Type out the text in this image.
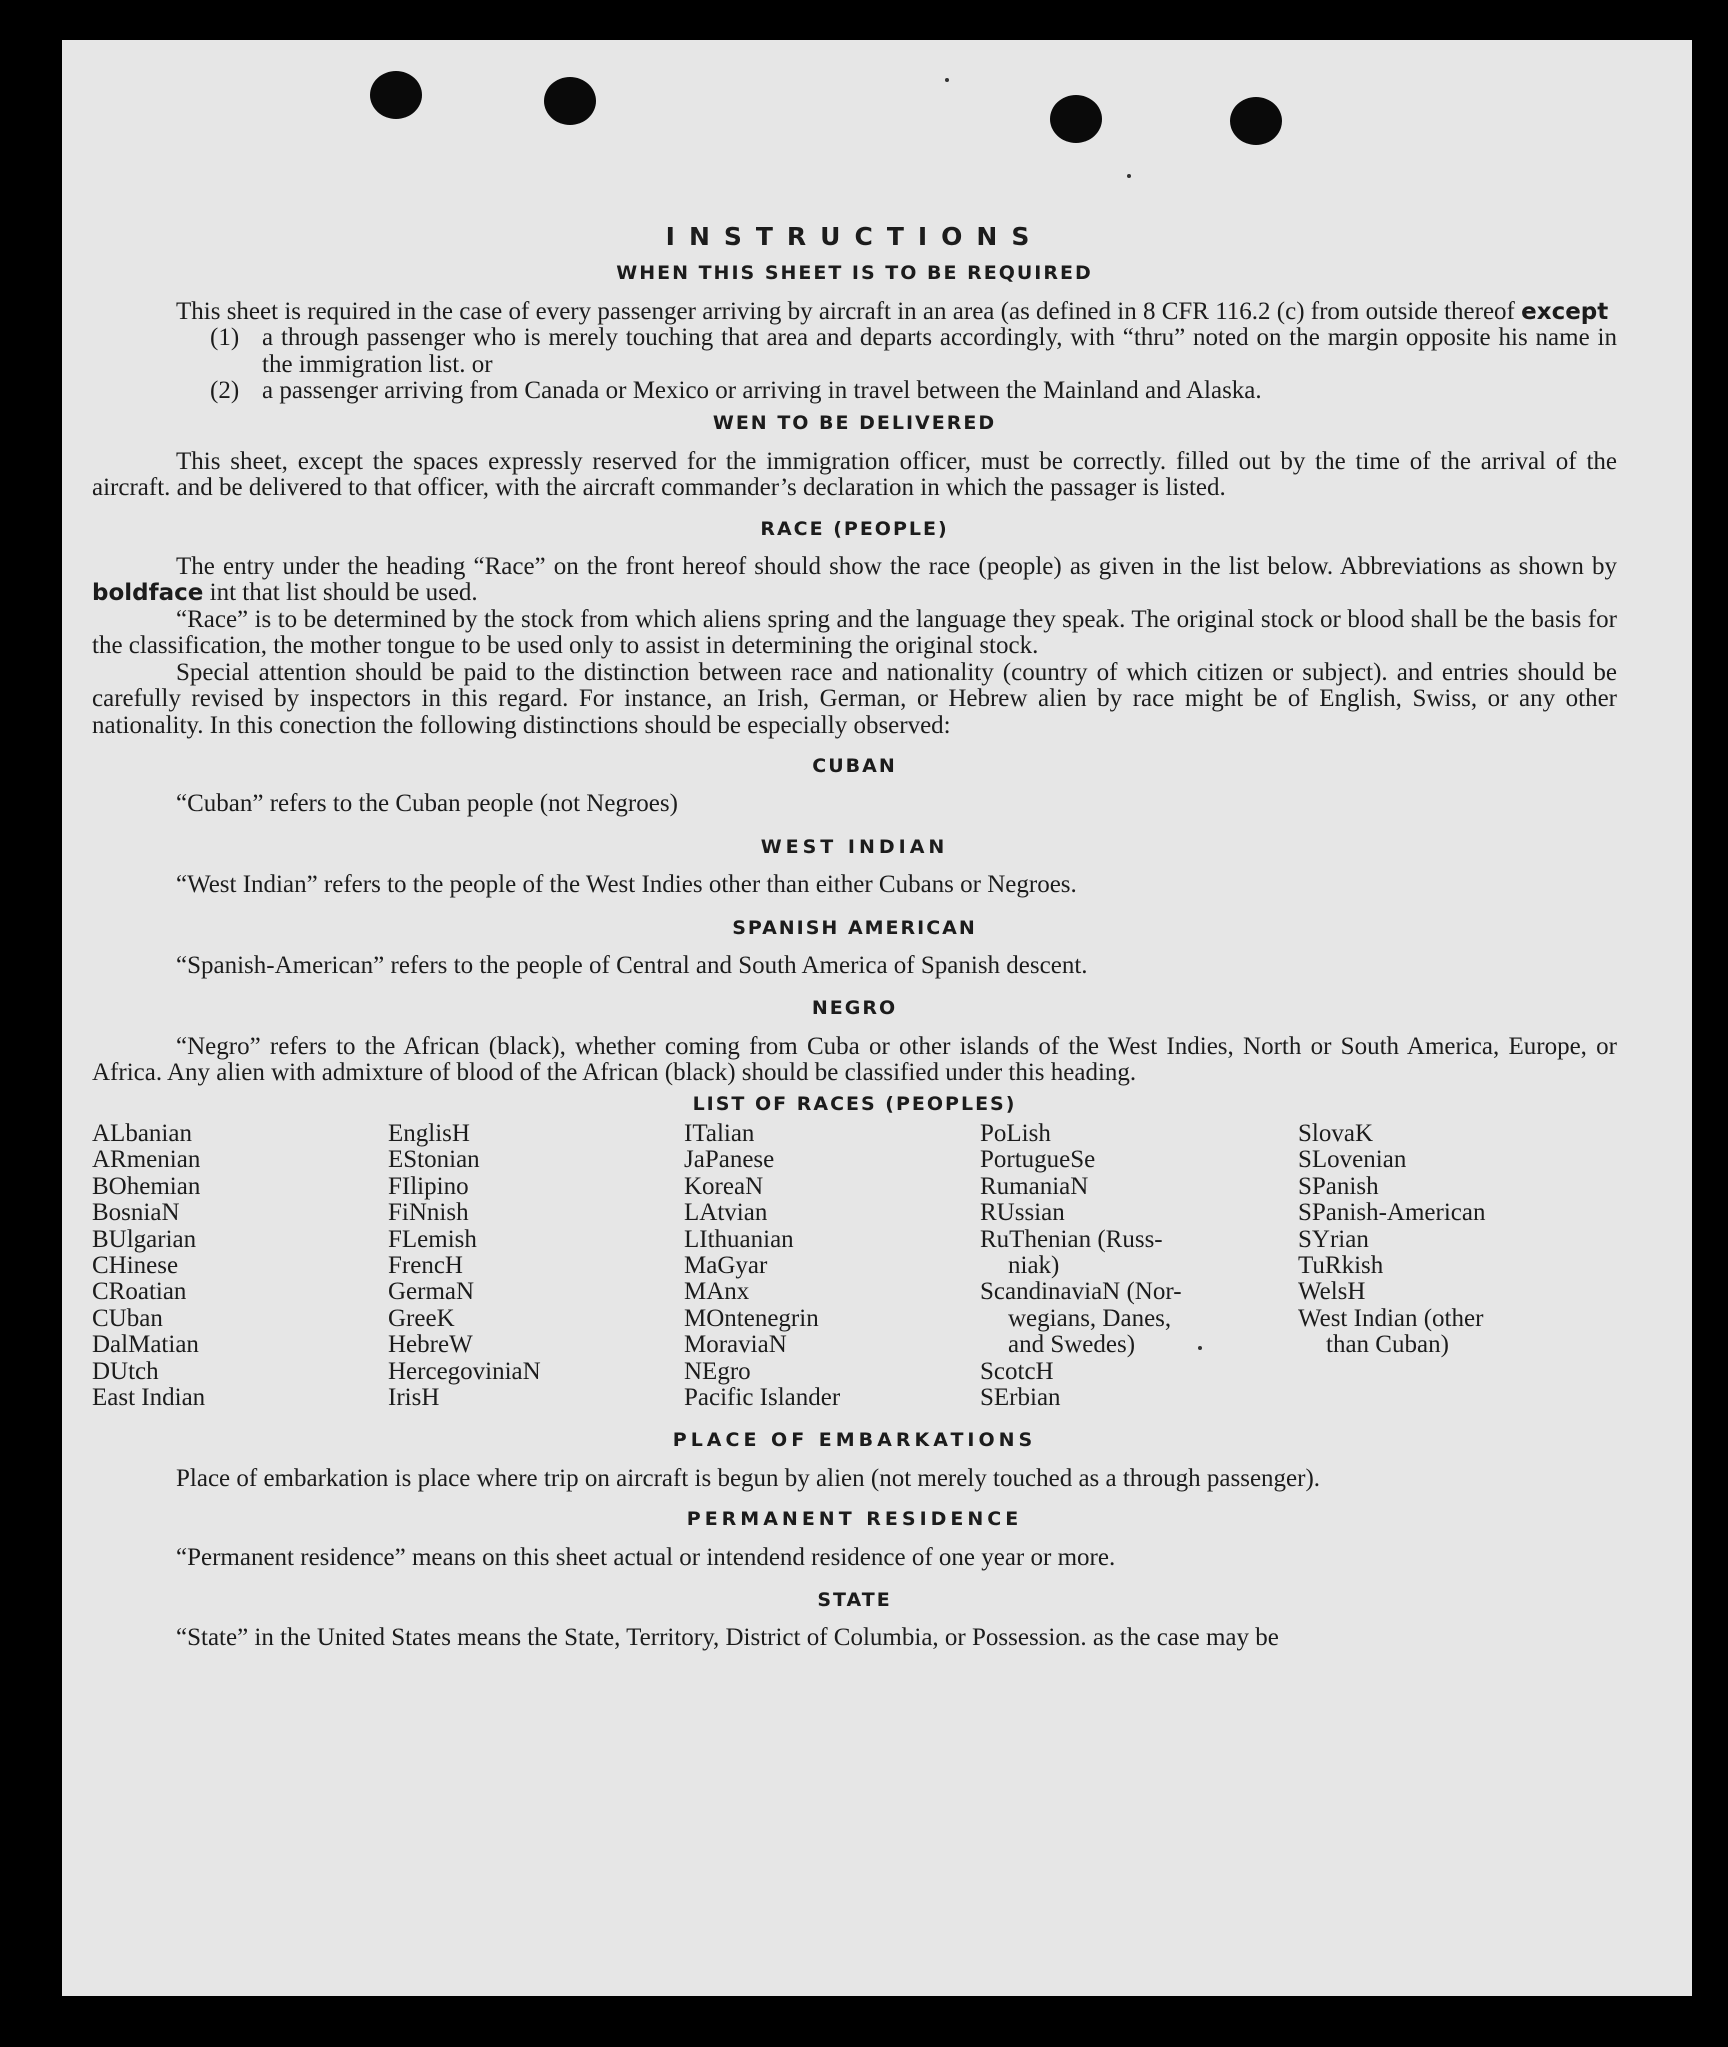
INSTRUCTIONS
WHEN THIS SHEET IS TO BE REQUIRED

This sheet is required in the case of every passenger arriving by aircraft in an area (as defined in 8 CFR 116.2 (c) from outside thereof except

(1) a through passenger who is merely touching that area and departs accordingly, with “thru” noted on the margin opposite his name in the immigration list. or
(2) a passenger arriving from Canada or Mexico or arriving in travel between the Mainland and Alaska.
WEN TO BE DELIVERED

This sheet, except the spaces expressly reserved for the immigration officer, must be correctly. filled out by the time of the arrival of the aircraft. and be delivered to that officer, with the aircraft commander’s declaration in which the passager is listed.

RACE (PEOPLE)

The entry under the heading “Race” on the front hereof should show the race (people) as given in the list below. Abbreviations as shown by boldface int that list should be used.

“Race” is to be determined by the stock from which aliens spring and the language they speak. The original stock or blood shall be the basis for the classification, the mother tongue to be used only to assist in determining the original stock.

Special attention should be paid to the distinction between race and nationality (country of which citizen or subject). and entries should be carefully revised by inspectors in this regard. For instance, an Irish, German, or Hebrew alien by race might be of English, Swiss, or any other nationality. In this conection the following distinctions should be especially observed:

CUBAN

“Cuban” refers to the Cuban people (not Negroes)

WEST INDIAN

“West Indian” refers to the people of the West Indies other than either Cubans or Negroes.

SPANISH AMERICAN

“Spanish-American” refers to the people of Central and South America of Spanish descent.

NEGRO

“Negro” refers to the African (black), whether coming from Cuba or other islands of the West Indies, North or South America, Europe, or Africa. Any alien with admixture of blood of the African (black) should be classified under this heading.

LIST OF RACES (PEOPLES)
ALbanian
ARmenian
BOhemian
BosniaN
BUlgarian
CHinese
CRoatian
CUban
DalMatian
DUtch
East Indian
EnglisH
EStonian
FIlipino
FiNnish
FLemish
FrencH
GermaN
GreeK
HebreW
HercegoviniaN
IrisH
ITalian
JaPanese
KoreaN
LAtvian
LIthuanian
MaGyar
MAnx
MOntenegrin
MoraviaN
NEgro
Pacific Islander
PoLish
PortugueSe
RumaniaN
RUssian
RuThenian (Russ-
niak)
ScandinaviaN (Nor-
wegians, Danes,
and Swedes)
ScotcH
SErbian
SlovaK
SLovenian
SPanish
SPanish-American
SYrian
TuRkish
WelsH
West Indian (other
than Cuban)
PLACE OF EMBARKATIONS

Place of embarkation is place where trip on aircraft is begun by alien (not merely touched as a through passenger).

PERMANENT RESIDENCE

“Permanent residence” means on this sheet actual or intendend residence of one year or more.

STATE

“State” in the United States means the State, Territory, District of Columbia, or Possession. as the case may be
